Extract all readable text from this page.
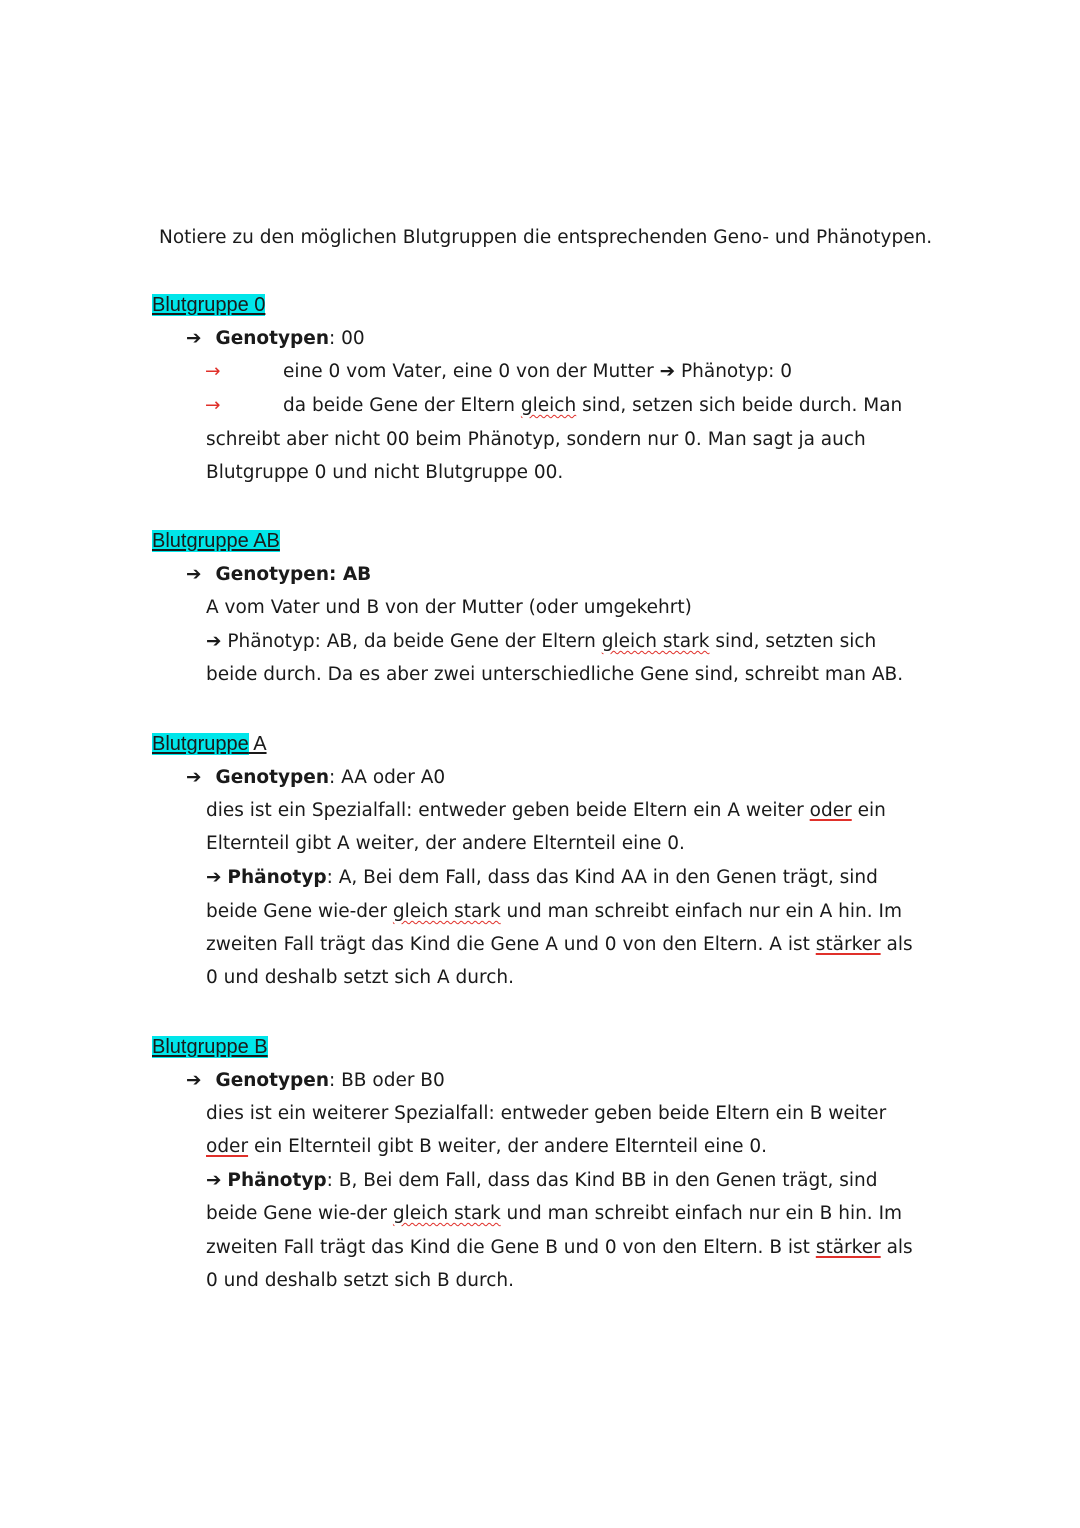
Notiere zu den möglichen Blutgruppen die entsprechenden Geno- und Phänotypen.
Blutgruppe 0
➔ Genotypen: 00
→	eine 0 vom Vater, eine 0 von der Mutter ➔ Phänotyp: 0
→	da beide Gene der Eltern gleich sind, setzen sich beide durch. Man
schreibt aber nicht 00 beim Phänotyp, sondern nur 0. Man sagt ja auch
Blutgruppe 0 und nicht Blutgruppe 00.
Blutgruppe AB
➔ Genotypen: AB
A vom Vater und B von der Mutter (oder umgekehrt)
➔ Phänotyp: AB, da beide Gene der Eltern gleich stark sind, setzten sich
beide durch. Da es aber zwei unterschiedliche Gene sind, schreibt man AB.
Blutgruppe A
➔ Genotypen: AA oder A0
dies ist ein Spezialfall: entweder geben beide Eltern ein A weiter oder ein
Elternteil gibt A weiter, der andere Elternteil eine 0.
➔ Phänotyp: A, Bei dem Fall, dass das Kind AA in den Genen trägt, sind
beide Gene wie-der gleich stark und man schreibt einfach nur ein A hin. Im
zweiten Fall trägt das Kind die Gene A und 0 von den Eltern. A ist stärker als
0 und deshalb setzt sich A durch.
Blutgruppe B
➔ Genotypen: BB oder B0
dies ist ein weiterer Spezialfall: entweder geben beide Eltern ein B weiter
oder ein Elternteil gibt B weiter, der andere Elternteil eine 0.
➔ Phänotyp: B, Bei dem Fall, dass das Kind BB in den Genen trägt, sind
beide Gene wie-der gleich stark und man schreibt einfach nur ein B hin. Im
zweiten Fall trägt das Kind die Gene B und 0 von den Eltern. B ist stärker als
0 und deshalb setzt sich B durch.
